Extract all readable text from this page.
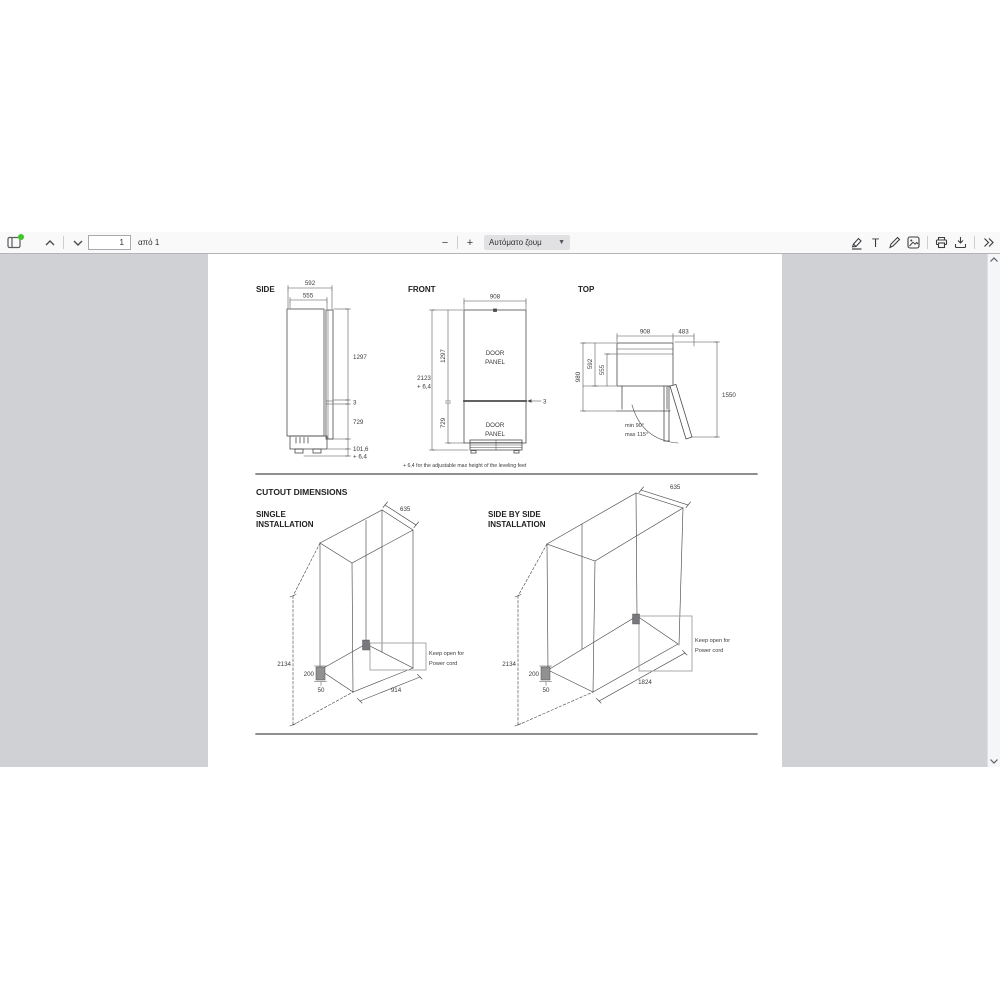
1
από 1	−	+	Αυτόματο ζουμ ▼	T
SIDE
592
555
1297
3
729
101,6
+ 6,4
FRONT
908
2123
+ 6,4
1297
729
3
DOOR
PANEL
DOOR
PANEL
+ 6,4 for the adjustable max height of the leveling feet
TOP
908	483
980
592
555
1550
min 90°
max 115°
CUTOUT DIMENSIONS
SINGLE
INSTALLATION
SIDE BY SIDE
INSTALLATION
635
2134
200
50	914
Keep open for
Power cord
635
2134
200
50
1824
Keep open for
Power cord
